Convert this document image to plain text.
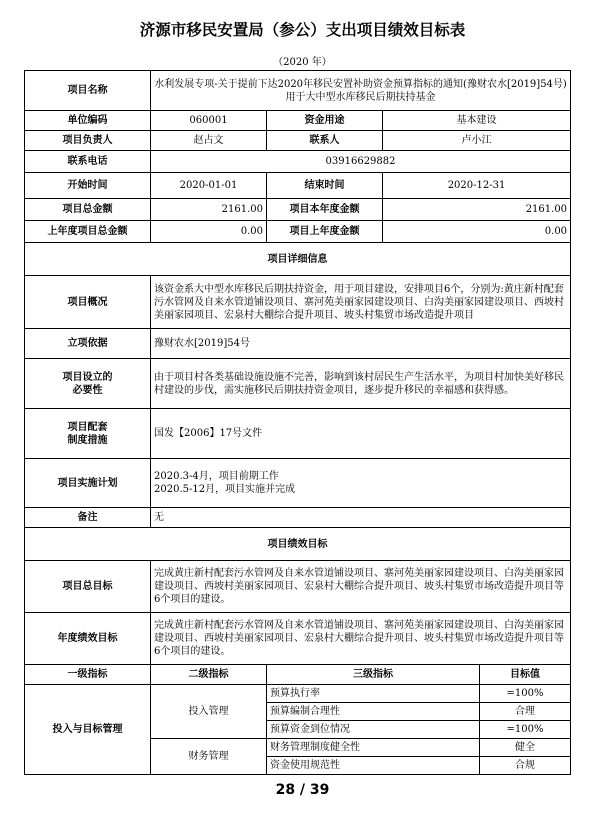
济源市移民安置局（参公）支出项目绩效目标表
（2020 年）
项目名称	水利发展专项-关于提前下达2020年移民安置补助资金预算指标的通知(豫财农水[2019]54号)用于大中型水库移民后期扶持基金			
单位编码	060001	资金用途	基本建设	
项目负责人	赵占文	联系人	卢小江	
联系电话	03916629882			
开始时间	2020-01-01	结束时间	2020-12-31	
项目总金额	2161.00	项目本年度金额	2161.00	
上年度项目总金额	0.00	项目上年度金额	0.00	
项目详细信息				
项目概况	该资金系大中型水库移民后期扶持资金，用于项目建设，安排项目6个，分别为:黄庄新村配套污水管网及自来水管道铺设项目、寨河苑美丽家园建设项目、白沟美丽家园建设项目、西坡村美丽家园项目、宏泉村大棚综合提升项目、坡头村集贸市场改造提升项目			
立项依据	豫财农水[2019]54号			
项目设立的
必要性	由于项目村各类基础设施设施不完善，影响到该村居民生产生活水平，为项目村加快美好移民村建设的步伐，需实施移民后期扶持资金项目，逐步提升移民的幸福感和获得感。			
项目配套
制度措施	国发【2006】17号文件			
项目实施计划	2020.3-4月，项目前期工作
2020.5-12月，项目实施并完成			

备注	无			
项目绩效目标				
项目总目标	完成黄庄新村配套污水管网及自来水管道铺设项目、寨河苑美丽家园建设项目、白沟美丽家园建设项目、西坡村美丽家园项目、宏泉村大棚综合提升项目、坡头村集贸市场改造提升项目等6个项目的建设。			
年度绩效目标	完成黄庄新村配套污水管网及自来水管道铺设项目、寨河苑美丽家园建设项目、白沟美丽家园建设项目、西坡村美丽家园项目、宏泉村大棚综合提升项目、坡头村集贸市场改造提升项目等6个项目的建设。			
一级指标	二级指标	三级指标		目标值
投入与目标管理	投入管理	预算执行率		=100%
		预算编制合理性		合理
		预算资金到位情况		=100%
	财务管理	财务管理制度健全性		健全
		资金使用规范性		合规
28 / 39
